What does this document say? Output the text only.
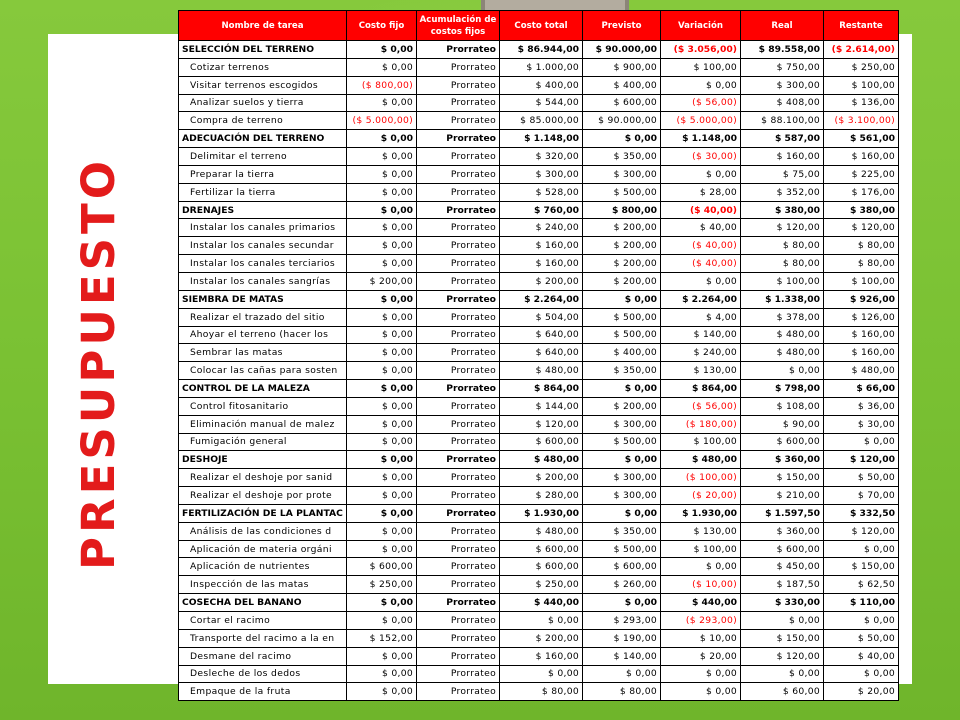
PRESUPUESTO
Nombre de tarea	Costo fijo	Acumulación de costos fijos	Costo total	Previsto	Variación	Real	Restante
SELECCIÓN DEL TERRENO	$ 0,00	Prorrateo	$ 86.944,00	$ 90.000,00	($ 3.056,00)	$ 89.558,00	($ 2.614,00)
Cotizar terrenos	$ 0,00	Prorrateo	$ 1.000,00	$ 900,00	$ 100,00	$ 750,00	$ 250,00
Visitar terrenos escogidos	($ 800,00)	Prorrateo	$ 400,00	$ 400,00	$ 0,00	$ 300,00	$ 100,00
Analizar suelos y tierra	$ 0,00	Prorrateo	$ 544,00	$ 600,00	($ 56,00)	$ 408,00	$ 136,00
Compra de terreno	($ 5.000,00)	Prorrateo	$ 85.000,00	$ 90.000,00	($ 5.000,00)	$ 88.100,00	($ 3.100,00)
ADECUACIÓN DEL TERRENO	$ 0,00	Prorrateo	$ 1.148,00	$ 0,00	$ 1.148,00	$ 587,00	$ 561,00
Delimitar el terreno	$ 0,00	Prorrateo	$ 320,00	$ 350,00	($ 30,00)	$ 160,00	$ 160,00
Preparar la tierra	$ 0,00	Prorrateo	$ 300,00	$ 300,00	$ 0,00	$ 75,00	$ 225,00
Fertilizar la tierra	$ 0,00	Prorrateo	$ 528,00	$ 500,00	$ 28,00	$ 352,00	$ 176,00
DRENAJES	$ 0,00	Prorrateo	$ 760,00	$ 800,00	($ 40,00)	$ 380,00	$ 380,00
Instalar los canales primarios	$ 0,00	Prorrateo	$ 240,00	$ 200,00	$ 40,00	$ 120,00	$ 120,00
Instalar los canales secundar	$ 0,00	Prorrateo	$ 160,00	$ 200,00	($ 40,00)	$ 80,00	$ 80,00
Instalar los canales terciarios	$ 0,00	Prorrateo	$ 160,00	$ 200,00	($ 40,00)	$ 80,00	$ 80,00
Instalar los canales sangrías	$ 200,00	Prorrateo	$ 200,00	$ 200,00	$ 0,00	$ 100,00	$ 100,00
SIEMBRA DE MATAS	$ 0,00	Prorrateo	$ 2.264,00	$ 0,00	$ 2.264,00	$ 1.338,00	$ 926,00
Realizar el trazado del sitio	$ 0,00	Prorrateo	$ 504,00	$ 500,00	$ 4,00	$ 378,00	$ 126,00
Ahoyar el terreno (hacer los	$ 0,00	Prorrateo	$ 640,00	$ 500,00	$ 140,00	$ 480,00	$ 160,00
Sembrar las matas	$ 0,00	Prorrateo	$ 640,00	$ 400,00	$ 240,00	$ 480,00	$ 160,00
Colocar las cañas para sosten	$ 0,00	Prorrateo	$ 480,00	$ 350,00	$ 130,00	$ 0,00	$ 480,00
CONTROL DE LA MALEZA	$ 0,00	Prorrateo	$ 864,00	$ 0,00	$ 864,00	$ 798,00	$ 66,00
Control fitosanitario	$ 0,00	Prorrateo	$ 144,00	$ 200,00	($ 56,00)	$ 108,00	$ 36,00
Eliminación manual de malez	$ 0,00	Prorrateo	$ 120,00	$ 300,00	($ 180,00)	$ 90,00	$ 30,00
Fumigación general	$ 0,00	Prorrateo	$ 600,00	$ 500,00	$ 100,00	$ 600,00	$ 0,00
DESHOJE	$ 0,00	Prorrateo	$ 480,00	$ 0,00	$ 480,00	$ 360,00	$ 120,00
Realizar el deshoje por sanid	$ 0,00	Prorrateo	$ 200,00	$ 300,00	($ 100,00)	$ 150,00	$ 50,00
Realizar el deshoje por prote	$ 0,00	Prorrateo	$ 280,00	$ 300,00	($ 20,00)	$ 210,00	$ 70,00
FERTILIZACIÓN DE LA PLANTAC	$ 0,00	Prorrateo	$ 1.930,00	$ 0,00	$ 1.930,00	$ 1.597,50	$ 332,50
Análisis de las condiciones d	$ 0,00	Prorrateo	$ 480,00	$ 350,00	$ 130,00	$ 360,00	$ 120,00
Aplicación de materia orgáni	$ 0,00	Prorrateo	$ 600,00	$ 500,00	$ 100,00	$ 600,00	$ 0,00
Aplicación de nutrientes	$ 600,00	Prorrateo	$ 600,00	$ 600,00	$ 0,00	$ 450,00	$ 150,00
Inspección de las matas	$ 250,00	Prorrateo	$ 250,00	$ 260,00	($ 10,00)	$ 187,50	$ 62,50
COSECHA DEL BANANO	$ 0,00	Prorrateo	$ 440,00	$ 0,00	$ 440,00	$ 330,00	$ 110,00
Cortar el racimo	$ 0,00	Prorrateo	$ 0,00	$ 293,00	($ 293,00)	$ 0,00	$ 0,00
Transporte del racimo a la en	$ 152,00	Prorrateo	$ 200,00	$ 190,00	$ 10,00	$ 150,00	$ 50,00
Desmane del racimo	$ 0,00	Prorrateo	$ 160,00	$ 140,00	$ 20,00	$ 120,00	$ 40,00
Desleche de los dedos	$ 0,00	Prorrateo	$ 0,00	$ 0,00	$ 0,00	$ 0,00	$ 0,00
Empaque de la fruta	$ 0,00	Prorrateo	$ 80,00	$ 80,00	$ 0,00	$ 60,00	$ 20,00
